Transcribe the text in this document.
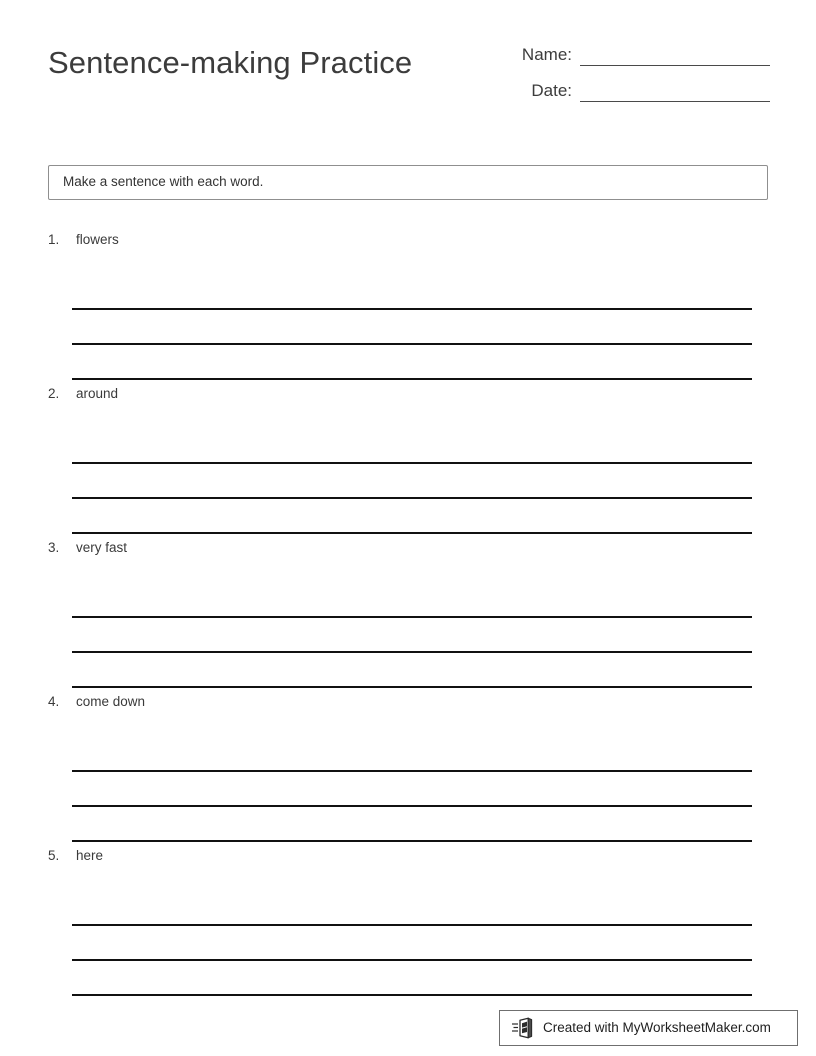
Sentence-making Practice	Name:
Date:
Make a sentence with each word.
1.	flowers
2.	around
3.	very fast
4.	come down
5.	here
Created with MyWorksheetMaker.com
